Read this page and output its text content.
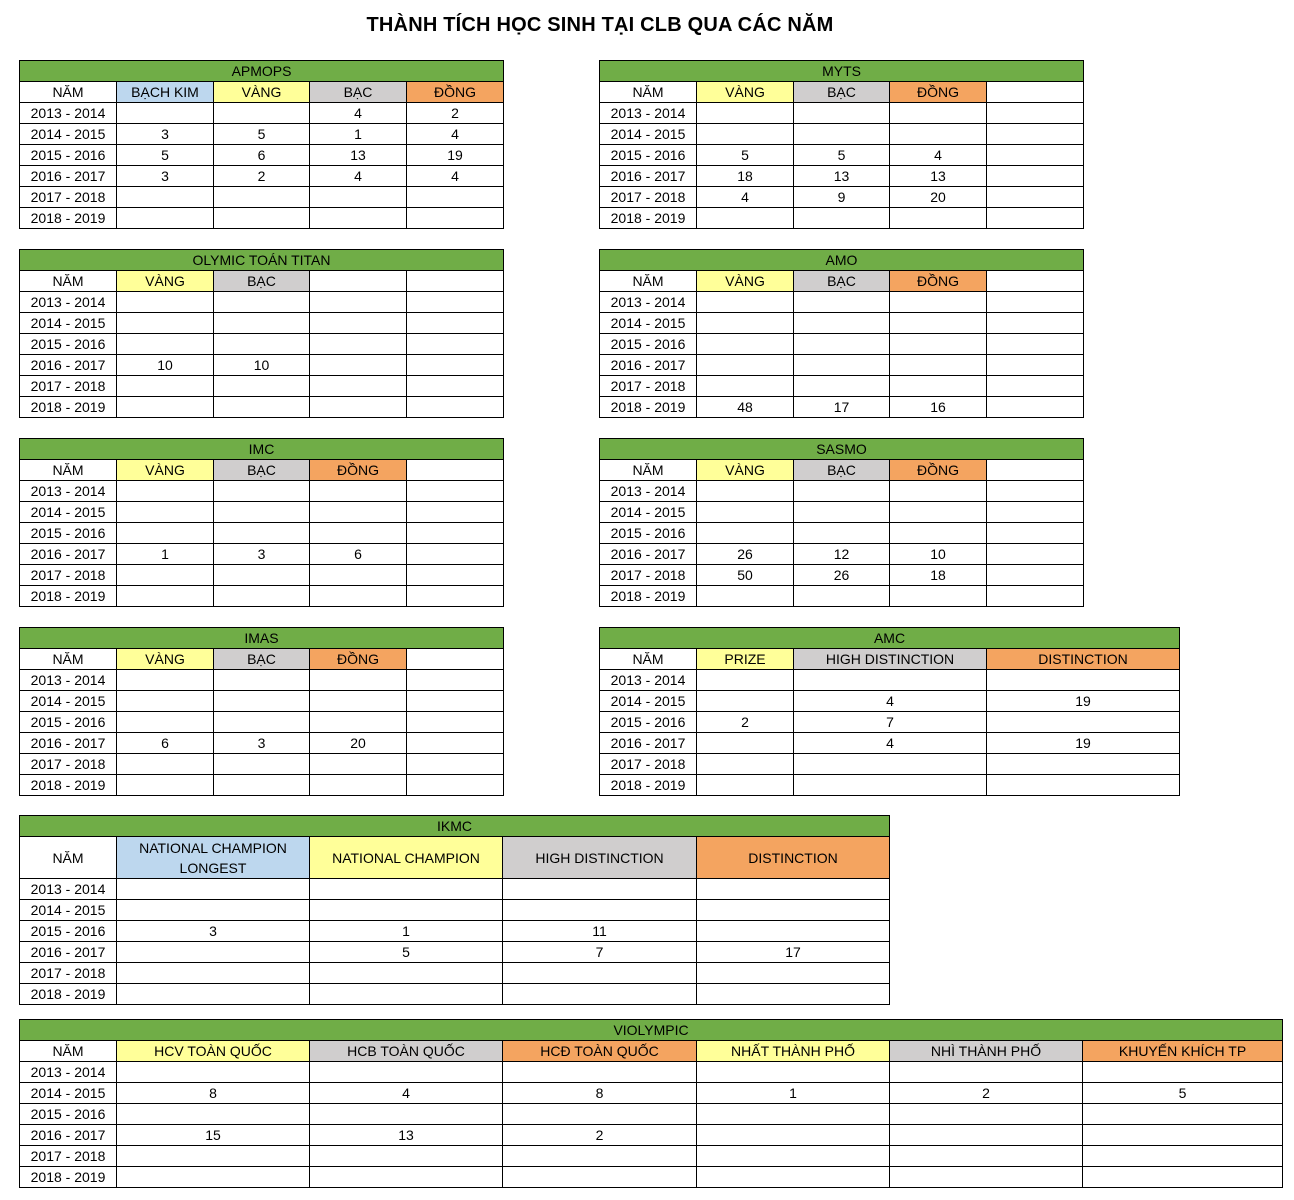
THÀNH TÍCH HỌC SINH TẠI CLB QUA CÁC NĂM
APMOPS				
NĂM	BẠCH KIM	VÀNG	BẠC	ĐỒNG
2013 - 2014			4	2
2014 - 2015	3	5	1	4
2015 - 2016	5	6	13	19
2016 - 2017	3	2	4	4
2017 - 2018				
2018 - 2019				
MYTS				
NĂM	VÀNG	BẠC	ĐỒNG	
2013 - 2014				
2014 - 2015				
2015 - 2016	5	5	4	
2016 - 2017	18	13	13	
2017 - 2018	4	9	20	
2018 - 2019				
OLYMIC TOÁN TITAN				
NĂM	VÀNG	BẠC		
2013 - 2014				
2014 - 2015				
2015 - 2016				
2016 - 2017	10	10		
2017 - 2018				
2018 - 2019				
AMO				
NĂM	VÀNG	BẠC	ĐỒNG	
2013 - 2014				
2014 - 2015				
2015 - 2016				
2016 - 2017				
2017 - 2018				
2018 - 2019	48	17	16	
IMC				
NĂM	VÀNG	BẠC	ĐỒNG	
2013 - 2014				
2014 - 2015				
2015 - 2016				
2016 - 2017	1	3	6	
2017 - 2018				
2018 - 2019				
SASMO				
NĂM	VÀNG	BẠC	ĐỒNG	
2013 - 2014				
2014 - 2015				
2015 - 2016				
2016 - 2017	26	12	10	
2017 - 2018	50	26	18	
2018 - 2019				
IMAS				
NĂM	VÀNG	BẠC	ĐỒNG	
2013 - 2014				
2014 - 2015				
2015 - 2016				
2016 - 2017	6	3	20	
2017 - 2018				
2018 - 2019				
AMC			
NĂM	PRIZE	HIGH DISTINCTION	DISTINCTION
2013 - 2014			
2014 - 2015		4	19
2015 - 2016	2	7	
2016 - 2017		4	19
2017 - 2018			
2018 - 2019			
IKMC				
NĂM	NATIONAL CHAMPION LONGEST	NATIONAL CHAMPION	HIGH DISTINCTION	DISTINCTION
2013 - 2014				
2014 - 2015				
2015 - 2016	3	1	11	
2016 - 2017		5	7	17
2017 - 2018				
2018 - 2019				
VIOLYMPIC						
NĂM	HCV TOÀN QUỐC	HCB TOÀN QUỐC	HCĐ TOÀN QUỐC	NHẤT THÀNH PHỐ	NHÌ THÀNH PHỐ	KHUYẾN KHÍCH TP
2013 - 2014						
2014 - 2015	8	4	8	1	2	5
2015 - 2016						
2016 - 2017	15	13	2			
2017 - 2018						
2018 - 2019						
